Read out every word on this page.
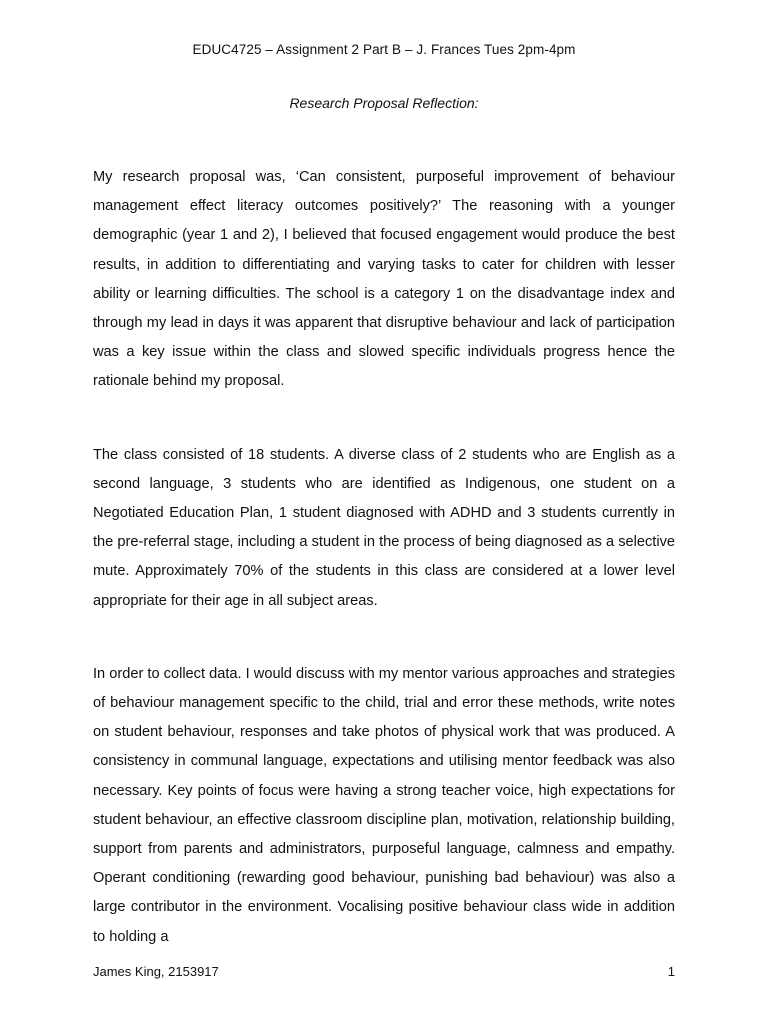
EDUC4725 – Assignment 2 Part B – J. Frances Tues 2pm-4pm
Research Proposal Reflection:

My research proposal was, ‘Can consistent, purposeful improvement of behaviour management effect literacy outcomes positively?’ The reasoning with a younger demographic (year 1 and 2), I believed that focused engagement would produce the best results, in addition to differentiating and varying tasks to cater for children with lesser ability or learning difficulties. The school is a category 1 on the disadvantage index and through my lead in days it was apparent that disruptive behaviour and lack of participation was a key issue within the class and slowed specific individuals progress hence the rationale behind my proposal.

The class consisted of 18 students. A diverse class of 2 students who are English as a second language, 3 students who are identified as Indigenous, one student on a Negotiated Education Plan, 1 student diagnosed with ADHD and 3 students currently in the pre-referral stage, including a student in the process of being diagnosed as a selective mute. Approximately 70% of the students in this class are considered at a lower level appropriate for their age in all subject areas.

In order to collect data. I would discuss with my mentor various approaches and strategies of behaviour management specific to the child, trial and error these methods, write notes on student behaviour, responses and take photos of physical work that was produced. A consistency in communal language, expectations and utilising mentor feedback was also necessary. Key points of focus were having a strong teacher voice, high expectations for student behaviour, an effective classroom discipline plan, motivation, relationship building, support from parents and administrators, purposeful language, calmness and empathy. Operant conditioning (rewarding good behaviour, punishing bad behaviour) was also a large contributor in the environment. Vocalising positive behaviour class wide in addition to holding a

James King, 2153917	1
